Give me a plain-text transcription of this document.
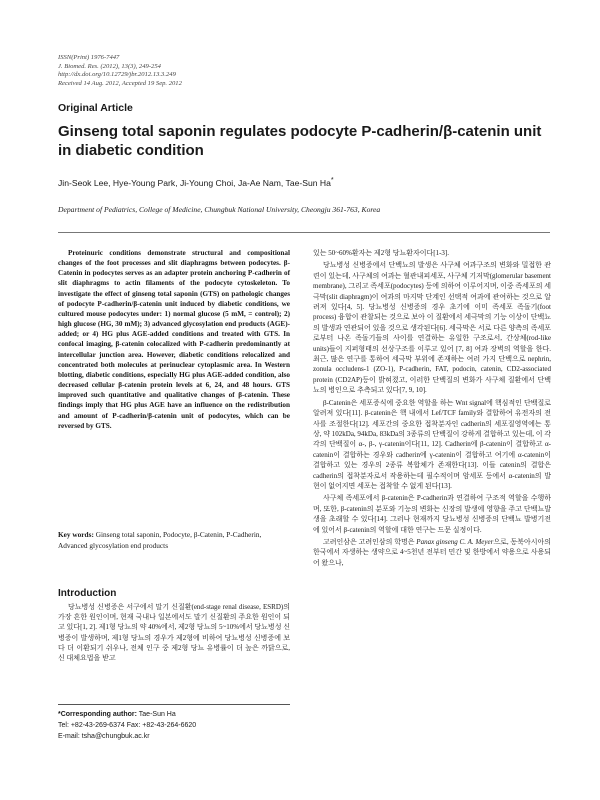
ISSN(Print) 1976-7447
J. Biomed. Res. (2012), 13(3), 249-254
http://dx.doi.org/10.12729/jbr.2012.13.3.249
Received 14 Aug. 2012, Accepted 19 Sep. 2012
Original Article
Ginseng total saponin regulates podocyte P-cadherin/β-catenin unit in diabetic condition
Jin-Seok Lee, Hye-Young Park, Ji-Young Choi, Ja-Ae Nam, Tae-Sun Ha*
Department of Pediatrics, College of Medicine, Chungbuk National University, Cheongju 361-763, Korea

Proteinuric conditions demonstrate structural and compositional changes of the foot processes and slit diaphragms between podocytes. β-Catenin in podocytes serves as an adapter protein anchoring P-cadherin of slit diaphragms to actin filaments of the podocyte cytoskeleton. To investigate the effect of ginseng total saponin (GTS) on pathologic changes of podocyte P-cadherin/β-catenin unit induced by diabetic conditions, we cultured mouse podocytes under: 1) normal glucose (5 mM, = control); 2) high glucose (HG, 30 mM); 3) advanced glycosylation end products (AGE)-added; or 4) HG plus AGE-added conditions and treated with GTS. In confocal imaging, β-catenin colocalized with P-cadherin predominantly at intercellular junction area. However, diabetic conditions relocalized and concentrated both molecules at perinuclear cytoplasmic area. In Western blotting, diabetic conditions, especially HG plus AGE-added condition, also decreased cellular β-catenin protein levels at 6, 24, and 48 hours. GTS improved such quantitative and qualitative changes of β-catenin. These findings imply that HG plus AGE have an influence on the redistribution and amount of P-cadherin/β-catenin unit of podocytes, which can be reversed by GTS.

Key words: Ginseng total saponin, Podocyte, β-Catenin, P-Cadherin, Advanced glycosylation end products

Introduction

당뇨병성 신병증은 서구에서 말기 신질환(end-stage renal disease, ESRD)의 가장 흔한 원인이며, 현재 국내나 일본에서도 말기 신질환의 주요한 원인이 되고 있다[1, 2]. 제1형 당뇨의 약 40%에서, 제2형 당뇨의 5~10%에서 당뇨병성 신병증이 발생하며, 제1형 당뇨의 경우가 제2형에 비하여 당뇨병성 신병증에 보다 더 이환되기 쉬우나, 전체 인구 중 제2형 당뇨 유병률이 더 높은 까닭으로, 신 대체요법을 받고

*Corresponding author: Tae-Sun Ha
Tel: +82-43-269-6374 Fax: +82-43-264-6620
E-mail: tsha@chungbuk.ac.kr

있는 50~60%환자는 제2형 당뇨환자이다[1-3].

당뇨병성 신병증에서 단백뇨의 발생은 사구체 여과구조의 변화와 밀접한 관련이 있는데, 사구체의 여과는 혈관내피세포, 사구체 기저막(glomerular basement membrane), 그리고 족세포(podocytes) 등에 의하여 이루어지며, 이중 족세포의 세극막(slit diaphragm)이 여과의 마지막 단계인 선택적 여과에 관여하는 것으로 알려져 있다[4, 5]. 당뇨병성 신병증의 경우 초기에 이미 족세포 족돌기(foot process) 융합이 관찰되는 것으로 보아 이 질환에서 세극막의 기능 이상이 단백뇨의 발생과 연관되어 있을 것으로 생각된다[6]. 세극막은 서로 다른 양측의 족세포로부터 나온 족돌기들의 사이를 연결하는 유일한 구조로서, 간상체(rod-like units)들이 지퍼형태의 선상구조를 이루고 있어 [7, 8] 여과 장벽의 역할을 한다. 최근, 많은 연구를 통하여 세극막 부위에 존재하는 여러 가지 단백으로 nephrin, zonula occludens-1 (ZO-1), P-cadherin, FAT, podocin, catenin, CD2-associated protein (CD2AP)등이 밝혀졌고, 이러한 단백질의 변화가 사구체 질환에서 단백뇨의 병인으로 추측되고 있다[7, 9, 10].

β-Catenin은 세포증식에 중요한 역할을 하는 Wnt signal에 핵심적인 단백질로 알려져 있다[11]. β-catenin은 핵 내에서 Lef/TCF family와 결합하여 유전자의 전사를 조절한다[12]. 세포간의 중요한 접착분자인 cadherin의 세포질영역에는 통상, 약 102kDa, 94kDa, 83kDa의 3종류의 단백질이 강하게 결합하고 있는데, 이 각각의 단백질이 α-, β-, γ-catenin이다[11, 12]. Cadherin에 β-catenin이 결합하고 α-catenin이 결합하는 경우와 cadherin에 γ-catenin이 결합하고 여기에 α-catenin이 결합하고 있는 경우의 2종류 복합체가 존재한다[13]. 이들 catenin의 결합은 cadherin의 접착분자로서 작용하는데 필수적이며 암세포 등에서 α-catenin의 발현이 없어지면 세포는 접착할 수 없게 된다[13].

사구체 족세포에서 β-catenin은 P-cadherin과 연결하여 구조적 역할을 수행하며, 또한, β-catenin의 분포와 기능의 변화는 신장의 발생에 영향을 주고 단백뇨발생을 초래할 수 있다[14]. 그러나 현재까지 당뇨병성 신병증의 단백뇨 발병기전에 있어서 β-catenin의 역할에 대한 연구는 드문 실정이다.

고려인삼은 고려인삼의 학명은 Panax ginseng C. A. Meyer으로, 동북아시아의 한국에서 자생하는 생약으로 4~5천년 전부터 민간 및 한방에서 약용으로 사용되어 왔으나,
